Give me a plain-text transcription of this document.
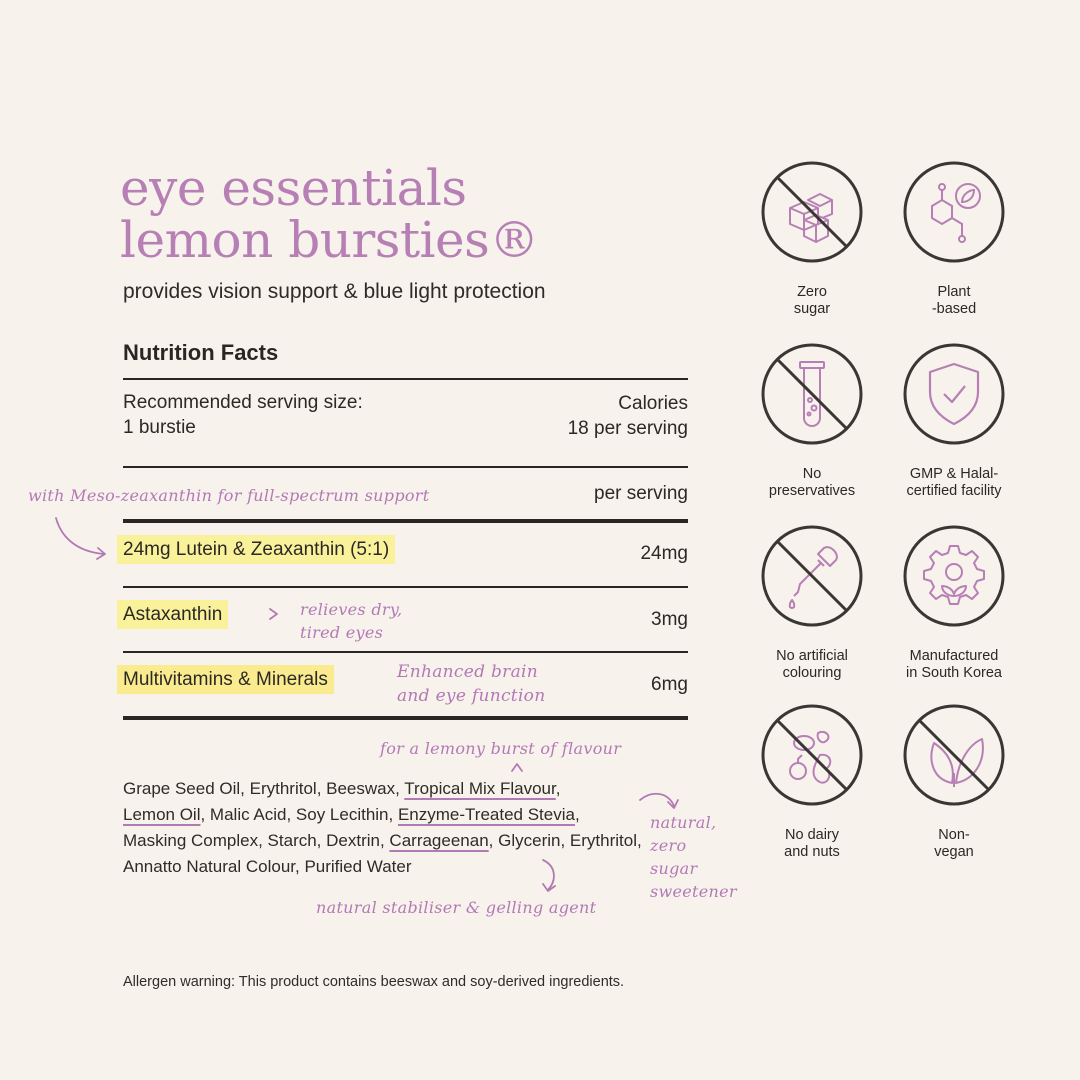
eye essentials
lemon bursties®
provides vision support & blue light protection
Nutrition Facts
Recommended serving size:
1 burstie
Calories
18 per serving
with Meso-zeaxanthin for full-spectrum support	per serving
24mg Lutein & Zeaxanthin (5:1)	24mg
Astaxanthin	relieves dry,
tired eyes
3mg
Multivitamins & Minerals	Enhanced brain
and eye function
6mg
for a lemony burst of flavour
Grape Seed Oil, Erythritol, Beeswax, Tropical Mix Flavour,
Lemon Oil, Malic Acid, Soy Lecithin, Enzyme-Treated Stevia, Masking Complex, Starch, Dextrin, Carrageenan, Glycerin, Erythritol, Annatto Natural Colour, Purified Water
natural,
zero
sugar
sweetener
natural stabiliser & gelling agent
Allergen warning: This product contains beeswax and soy-derived ingredients.
Zero
sugar
Plant
-based
No
preservatives
GMP & Halal-
certified facility
No artificial
colouring
Manufactured
in South Korea
No dairy
and nuts
Non-
vegan
